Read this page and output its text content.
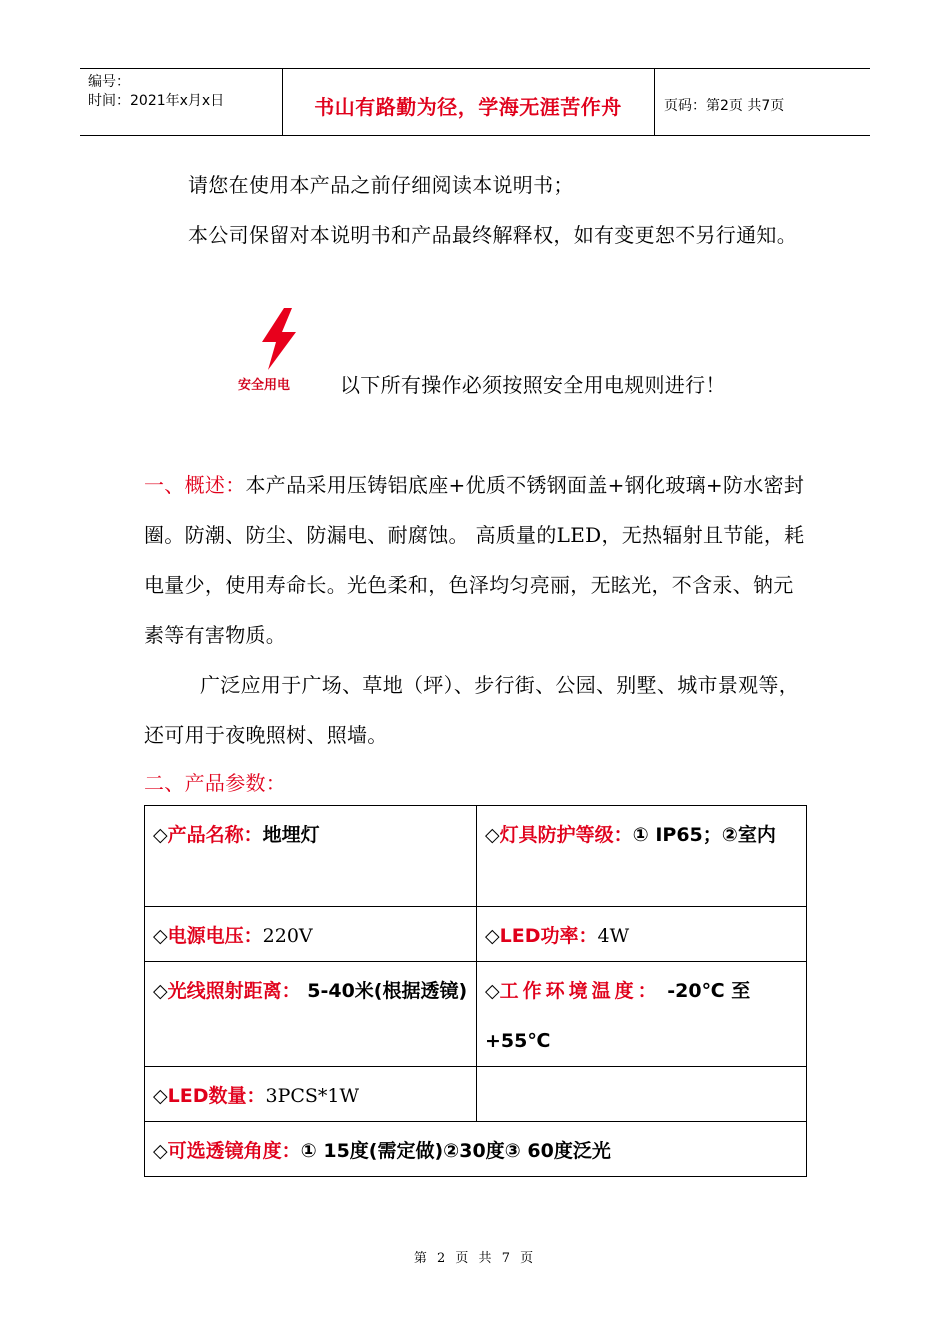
编号：
时间：2021年x月x日	书山有路勤为径，学海无涯苦作舟	页码：第2页 共7页
请您在使用本产品之前仔细阅读本说明书；
本公司保留对本说明书和产品最终解释权，如有变更恕不另行通知。
安全用电 以下所有操作必须按照安全用电规则进行！
一、概述：本产品采用压铸铝底座+优质不锈钢面盖+钢化玻璃+防水密封圈。防潮、防尘、防漏电、耐腐蚀。 高质量的LED，无热辐射且节能，耗电量少，使用寿命长。光色柔和，色泽均匀亮丽，无眩光，不含汞、钠元素等有害物质。
广泛应用于广场、草地（坪）、步行街、公园、别墅、城市景观等，还可用于夜晚照树、照墙。
二、产品参数：
◇产品名称：地埋灯	◇灯具防护等级：① IP65；②室内
◇电源电压：220V	◇LED功率：4W
◇光线照射距离： 5-40米(根据透镜)	◇工作环境温度： -20℃ 至 +55℃
◇LED数量：3PCS*1W	
◇可选透镜角度：① 15度(需定做)②30度③ 60度泛光	
第 2 页 共 7 页
